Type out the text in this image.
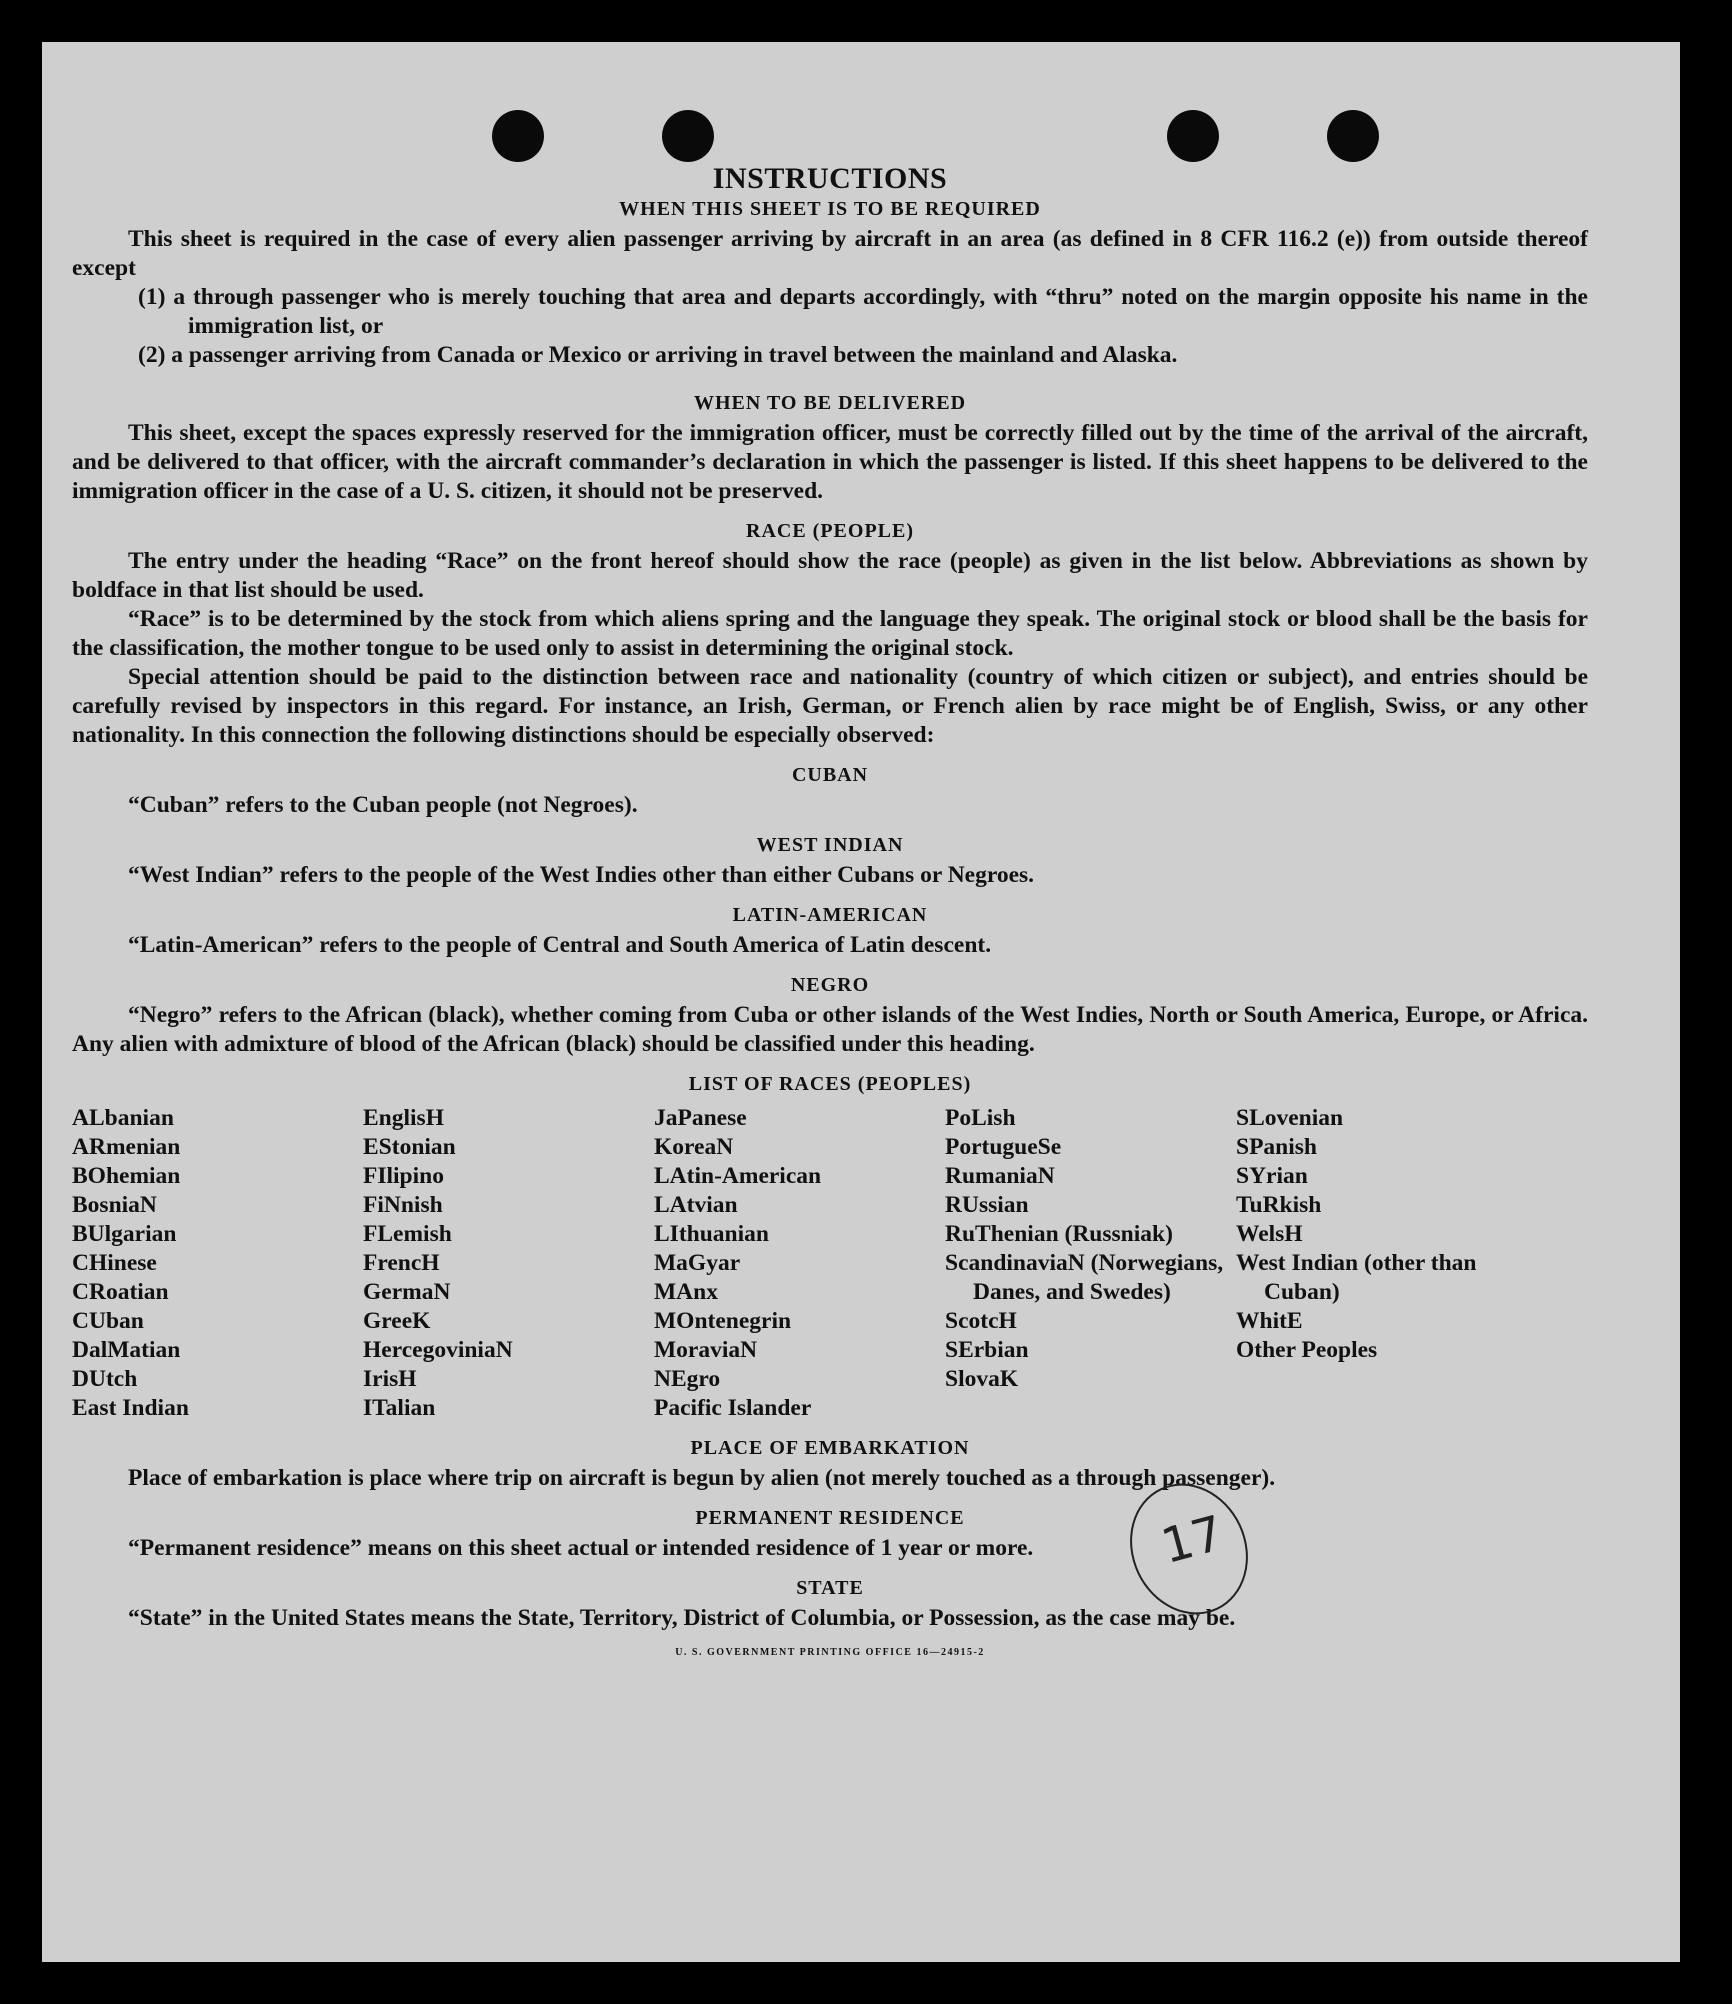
INSTRUCTIONS
WHEN THIS SHEET IS TO BE REQUIRED

This sheet is required in the case of every alien passenger arriving by aircraft in an area (as defined in 8 CFR 116.2 (e)) from outside thereof except

(1) a through passenger who is merely touching that area and departs accordingly, with “thru” noted on the margin opposite his name in the immigration list, or
(2) a passenger arriving from Canada or Mexico or arriving in travel between the mainland and Alaska.
WHEN TO BE DELIVERED

This sheet, except the spaces expressly reserved for the immigration officer, must be correctly filled out by the time of the arrival of the aircraft, and be delivered to that officer, with the aircraft commander’s declaration in which the passenger is listed. If this sheet happens to be delivered to the immigration officer in the case of a U. S. citizen, it should not be preserved.

RACE (PEOPLE)

The entry under the heading “Race” on the front hereof should show the race (people) as given in the list below. Abbreviations as shown by boldface in that list should be used.

“Race” is to be determined by the stock from which aliens spring and the language they speak. The original stock or blood shall be the basis for the classification, the mother tongue to be used only to assist in determining the original stock.

Special attention should be paid to the distinction between race and nationality (country of which citizen or subject), and entries should be carefully revised by inspectors in this regard. For instance, an Irish, German, or French alien by race might be of English, Swiss, or any other nationality. In this connection the following distinctions should be especially observed:

CUBAN

“Cuban” refers to the Cuban people (not Negroes).

WEST INDIAN

“West Indian” refers to the people of the West Indies other than either Cubans or Negroes.

LATIN-AMERICAN

“Latin-American” refers to the people of Central and South America of Latin descent.

NEGRO

“Negro” refers to the African (black), whether coming from Cuba or other islands of the West Indies, North or South America, Europe, or Africa. Any alien with admixture of blood of the African (black) should be classified under this heading.

LIST OF RACES (PEOPLES)
ALbanian
ARmenian
BOhemian
BosniaN
BUlgarian
CHinese
CRoatian
CUban
DalMatian
DUtch
East Indian
EnglisH
EStonian
FIlipino
FiNnish
FLemish
FrencH
GermaN
GreeK
HercegoviniaN
IrisH
ITalian
JaPanese
KoreaN
LAtin-American
LAtvian
LIthuanian
MaGyar
MAnx
MOntenegrin
MoraviaN
NEgro
Pacific Islander
PoLish
PortugueSe
RumaniaN
RUssian
RuThenian (Russniak)
ScandinaviaN (Norwegians, Danes, and Swedes)
ScotcH
SErbian
SlovaK
SLovenian
SPanish
SYrian
TuRkish
WelsH
West Indian (other than Cuban)
WhitE
Other Peoples
PLACE OF EMBARKATION

Place of embarkation is place where trip on aircraft is begun by alien (not merely touched as a through passenger).

PERMANENT RESIDENCE

“Permanent residence” means on this sheet actual or intended residence of 1 year or more.

STATE

“State” in the United States means the State, Territory, District of Columbia, or Possession, as the case may be.

U. S. GOVERNMENT PRINTING OFFICE 16—24915-2
17
